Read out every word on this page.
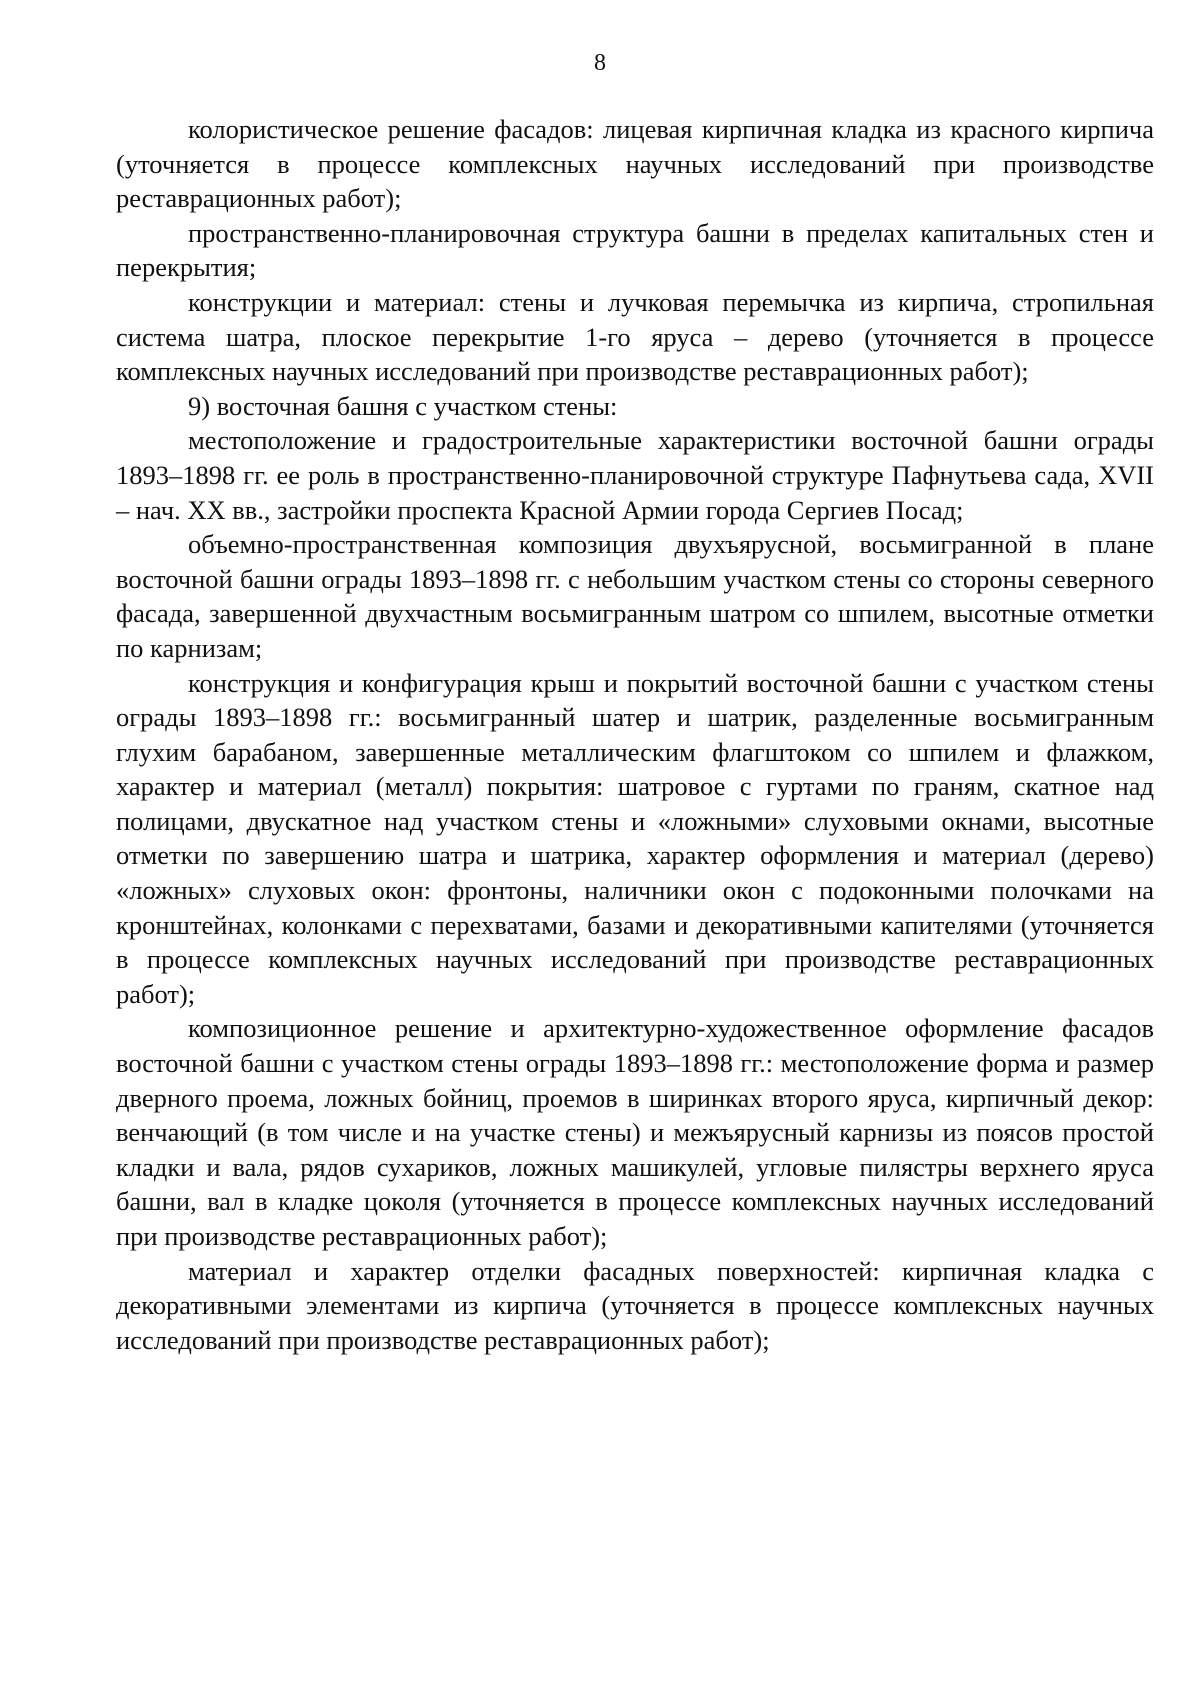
8

колористическое решение фасадов: лицевая кирпичная кладка из красного кирпича (уточняется в процессе комплексных научных исследований при производстве реставрационных работ);

пространственно-планировочная структура башни в пределах капитальных стен и перекрытия;

конструкции и материал: стены и лучковая перемычка из кирпича, стропильная система шатра, плоское перекрытие 1-го яруса – дерево (уточняется в процессе комплексных научных исследований при производстве реставрационных работ);

9) восточная башня с участком стены:

местоположение и градостроительные характеристики восточной башни ограды 1893–1898 гг. ее роль в пространственно-планировочной структуре Пафнутьева сада, XVII – нач. XX вв., застройки проспекта Красной Армии города Сергиев Посад;

объемно-пространственная композиция двухъярусной, восьмигранной в плане восточной башни ограды 1893–1898 гг. с небольшим участком стены со стороны северного фасада, завершенной двухчастным восьмигранным шатром со шпилем, высотные отметки по карнизам;

конструкция и конфигурация крыш и покрытий восточной башни с участком стены ограды 1893–1898 гг.: восьмигранный шатер и шатрик, разделенные восьмигранным глухим барабаном, завершенные металлическим флагштоком со шпилем и флажком, характер и материал (металл) покрытия: шатровое с гуртами по граням, скатное над полицами, двускатное над участком стены и «ложными» слуховыми окнами, высотные отметки по завершению шатра и шатрика, характер оформления и материал (дерево) «ложных» слуховых окон: фронтоны, наличники окон с подоконными полочками на кронштейнах, колонками с перехватами, базами и декоративными капителями (уточняется в процессе комплексных научных исследований при производстве реставрационных работ);

композиционное решение и архитектурно-художественное оформление фасадов восточной башни с участком стены ограды 1893–1898 гг.: местоположение форма и размер дверного проема, ложных бойниц, проемов в ширинках второго яруса, кирпичный декор: венчающий (в том числе и на участке стены) и межъярусный карнизы из поясов простой кладки и вала, рядов сухариков, ложных машикулей, угловые пилястры верхнего яруса башни, вал в кладке цоколя (уточняется в процессе комплексных научных исследований при производстве реставрационных работ);

материал и характер отделки фасадных поверхностей: кирпичная кладка с декоративными элементами из кирпича (уточняется в процессе комплексных научных исследований при производстве реставрационных работ);
